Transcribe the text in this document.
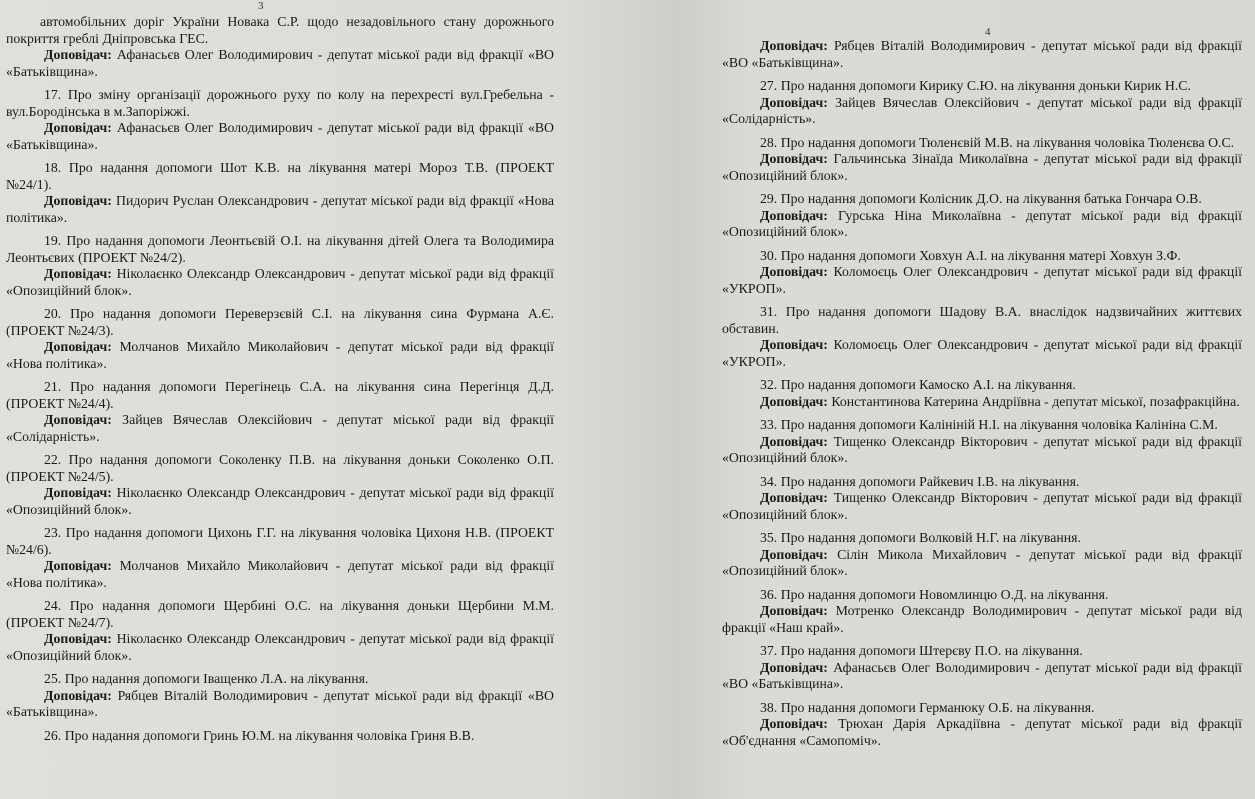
3
4

автомобільних доріг України Новака С.Р. щодо незадовільного стану дорожнього покриття греблі Дніпровська ГЕС.

Доповідач: Афанасьєв Олег Володимирович - депутат міської ради від фракції «ВО «Батьківщина».

17. Про зміну організації дорожнього руху по колу на перехресті вул.Гребельна - вул.Бородінська в м.Запоріжжі.

Доповідач: Афанасьєв Олег Володимирович - депутат міської ради від фракції «ВО «Батьківщина».

18. Про надання допомоги Шот К.В. на лікування матері Мороз Т.В. (ПРОЕКТ №24/1).

Доповідач: Пидорич Руслан Олександрович - депутат міської ради від фракції «Нова політика».

19. Про надання допомоги Леонтьєвій О.І. на лікування дітей Олега та Володимира Леонтьєвих (ПРОЕКТ №24/2).

Доповідач: Ніколаєнко Олександр Олександрович - депутат міської ради від фракції «Опозиційний блок».

20. Про надання допомоги Переверзєвій С.І. на лікування сина Фурмана А.Є. (ПРОЕКТ №24/3).

Доповідач: Молчанов Михайло Миколайович - депутат міської ради від фракції «Нова політика».

21. Про надання допомоги Перегінець С.А. на лікування сина Перегінця Д.Д. (ПРОЕКТ №24/4).

Доповідач: Зайцев Вячеслав Олексійович - депутат міської ради від фракції «Солідарність».

22. Про надання допомоги Соколенку П.В. на лікування доньки Соколенко О.П. (ПРОЕКТ №24/5).

Доповідач: Ніколаєнко Олександр Олександрович - депутат міської ради від фракції «Опозиційний блок».

23. Про надання допомоги Цихонь Г.Г. на лікування чоловіка Цихоня Н.В. (ПРОЕКТ №24/6).

Доповідач: Молчанов Михайло Миколайович - депутат міської ради від фракції «Нова політика».

24. Про надання допомоги Щербині О.С. на лікування доньки Щербини М.М. (ПРОЕКТ №24/7).

Доповідач: Ніколаєнко Олександр Олександрович - депутат міської ради від фракції «Опозиційний блок».

25. Про надання допомоги Іващенко Л.А. на лікування.

Доповідач: Рябцев Віталій Володимирович - депутат міської ради від фракції «ВО «Батьківщина».

26. Про надання допомоги Гринь Ю.М. на лікування чоловіка Гриня В.В.

Доповідач: Рябцев Віталій Володимирович - депутат міської ради від фракції «ВО «Батьківщина».

27. Про надання допомоги Кирику С.Ю. на лікування доньки Кирик Н.С.

Доповідач: Зайцев Вячеслав Олексійович - депутат міської ради від фракції «Солідарність».

28. Про надання допомоги Тюленєвій М.В. на лікування чоловіка Тюленєва О.С.

Доповідач: Гальчинська Зінаїда Миколаївна - депутат міської ради від фракції «Опозиційний блок».

29. Про надання допомоги Колісник Д.О. на лікування батька Гончара О.В.

Доповідач: Гурська Ніна Миколаївна - депутат міської ради від фракції «Опозиційний блок».

30. Про надання допомоги Ховхун А.І. на лікування матері Ховхун З.Ф.

Доповідач: Коломоєць Олег Олександрович - депутат міської ради від фракції «УКРОП».

31. Про надання допомоги Шадову В.А. внаслідок надзвичайних життєвих обставин.

Доповідач: Коломоєць Олег Олександрович - депутат міської ради від фракції «УКРОП».

32. Про надання допомоги Камоско А.І. на лікування.

Доповідач: Константинова Катерина Андріївна - депутат міської, позафракційна.

33. Про надання допомоги Калініній Н.І. на лікування чоловіка Калініна С.М.

Доповідач: Тищенко Олександр Вікторович - депутат міської ради від фракції «Опозиційний блок».

34. Про надання допомоги Райкевич І.В. на лікування.

Доповідач: Тищенко Олександр Вікторович - депутат міської ради від фракції «Опозиційний блок».

35. Про надання допомоги Волковій Н.Г. на лікування.

Доповідач: Сілін Микола Михайлович - депутат міської ради від фракції «Опозиційний блок».

36. Про надання допомоги Новомлинцю О.Д. на лікування.

Доповідач: Мотренко Олександр Володимирович - депутат міської ради від фракції «Наш край».

37. Про надання допомоги Штерєву П.О. на лікування.

Доповідач: Афанасьєв Олег Володимирович - депутат міської ради від фракції «ВО «Батьківщина».

38. Про надання допомоги Германюку О.Б. на лікування.

Доповідач: Трюхан Дарія Аркадіївна - депутат міської ради від фракції «Об'єднання «Самопоміч».
